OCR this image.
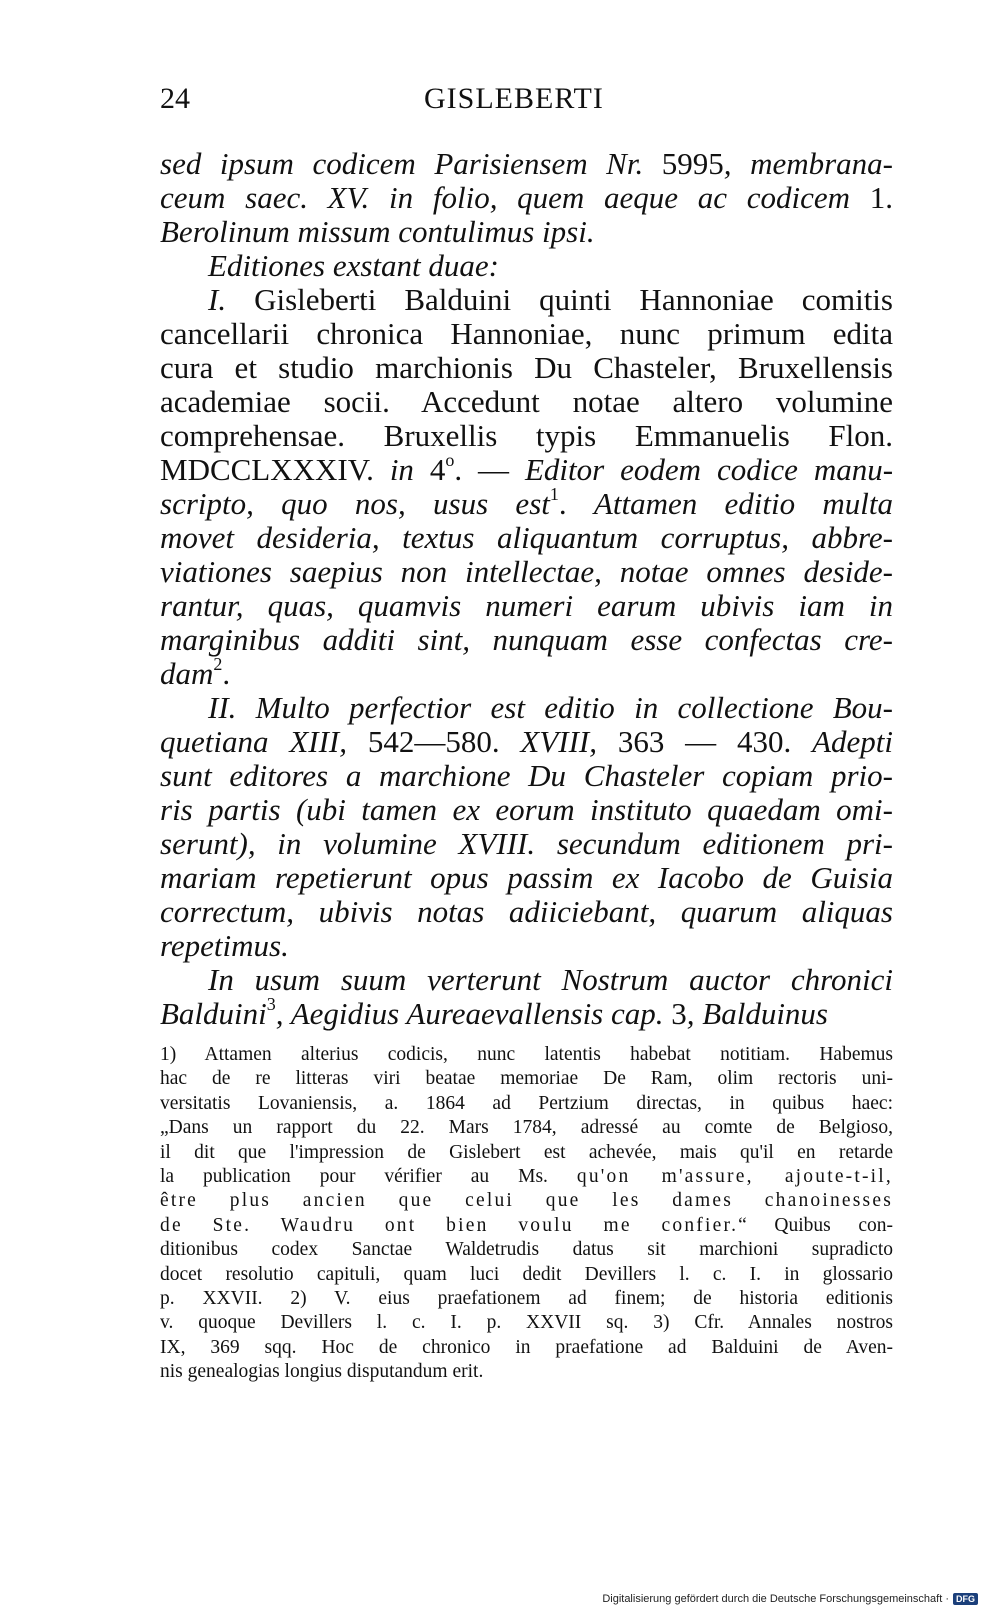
24	GISLEBERTI
sed ipsum codicem Parisiensem Nr. 5995, membrana-
ceum saec. XV. in folio, quem aeque ac codicem 1.
Berolinum missum contulimus ipsi.
Editiones exstant duae:
I. Gisleberti Balduini quinti Hannoniae comitis
cancellarii chronica Hannoniae, nunc primum edita
cura et studio marchionis Du Chasteler, Bruxellensis
academiae socii. Accedunt notae altero volumine
comprehensae. Bruxellis typis Emmanuelis Flon.
MDCCLXXXIV. in 4$^o$. — Editor eodem codice manu-
scripto, quo nos, usus est$^1$. Attamen editio multa
movet desideria, textus aliquantum corruptus, abbre-
viationes saepius non intellectae, notae omnes deside-
rantur, quas, quamvis numeri earum ubivis iam in
marginibus additi sint, nunquam esse confectas cre-
dam$^2$.
II. Multo perfectior est editio in collectione Bou-
quetiana XIII, 542—580. XVIII, 363 — 430. Adepti
sunt editores a marchione Du Chasteler copiam prio-
ris partis (ubi tamen ex eorum instituto quaedam omi-
serunt), in volumine XVIII. secundum editionem pri-
mariam repetierunt opus passim ex Iacobo de Guisia
correctum, ubivis notas adiiciebant, quarum aliquas
repetimus.
In usum suum verterunt Nostrum auctor chronici
Balduini$^3$, Aegidius Aureaevallensis cap. 3, Balduinus
1) Attamen alterius codicis, nunc latentis habebat notitiam. Habemus
hac de re litteras viri beatae memoriae De Ram, olim rectoris uni-
versitatis Lovaniensis, a. 1864 ad Pertzium directas, in quibus haec:
„Dans un rapport du 22. Mars 1784, adressé au comte de Belgioso,
il dit que l'impression de Gislebert est achevée, mais qu'il en retarde
la publication pour vérifier au Ms. qu'on m'assure, ajoute-t-il,
être plus ancien que celui que les dames chanoinesses
de Ste. Waudru ont bien voulu me confier.“ Quibus con-
ditionibus codex Sanctae Waldetrudis datus sit marchioni supradicto
docet resolutio capituli, quam luci dedit Devillers l. c. I. in glossario
p. XXVII. 2) V. eius praefationem ad finem; de historia editionis
v. quoque Devillers l. c. I. p. XXVII sq. 3) Cfr. Annales nostros
IX, 369 sqq. Hoc de chronico in praefatione ad Balduini de Aven-
nis genealogias longius disputandum erit.
Digitalisierung gefördert durch die Deutsche Forschungsgemeinschaft · DFG
